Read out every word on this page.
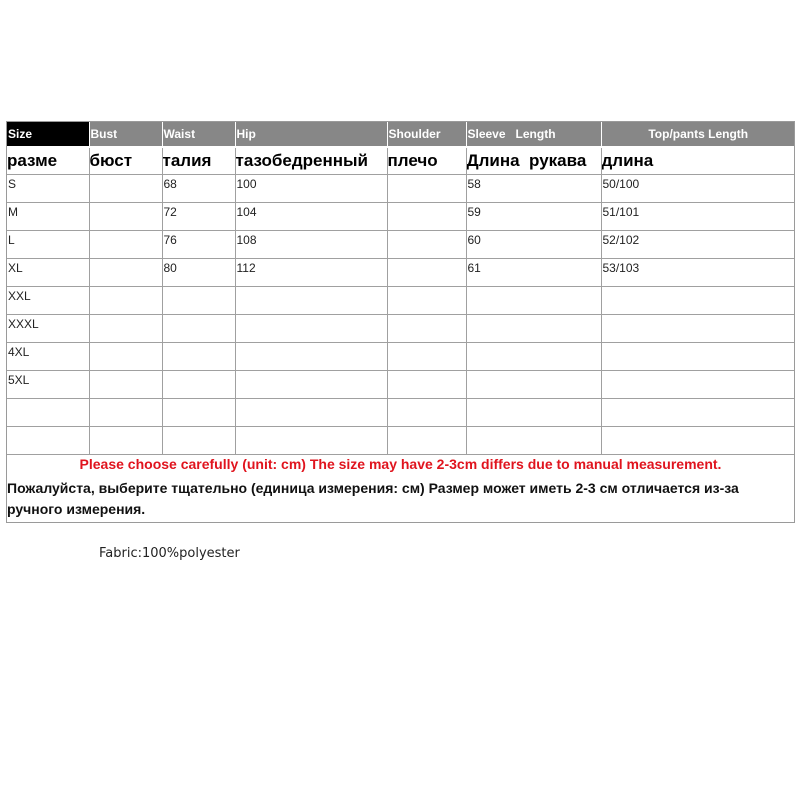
Size	Bust	Waist	Hip	Shoulder	Sleeve   Length	Top/pants Length
разме	бюст	талия	тазобедренный	плечо	Длина  рукава	длина
S		68	100		58	50/100
M		72	104		59	51/101
L		76	108		60	52/102
XL		80	112		61	53/103
XXL						
XXXL						
4XL						
5XL						

Please choose carefully (unit: cm) The size may have 2-3cm differs due to manual measurement.
Пожалуйста, выберите тщательно (единица измерения: см) Размер может иметь 2-3 см отличается из-за ручного измерения.
Fabric:100%polyester
